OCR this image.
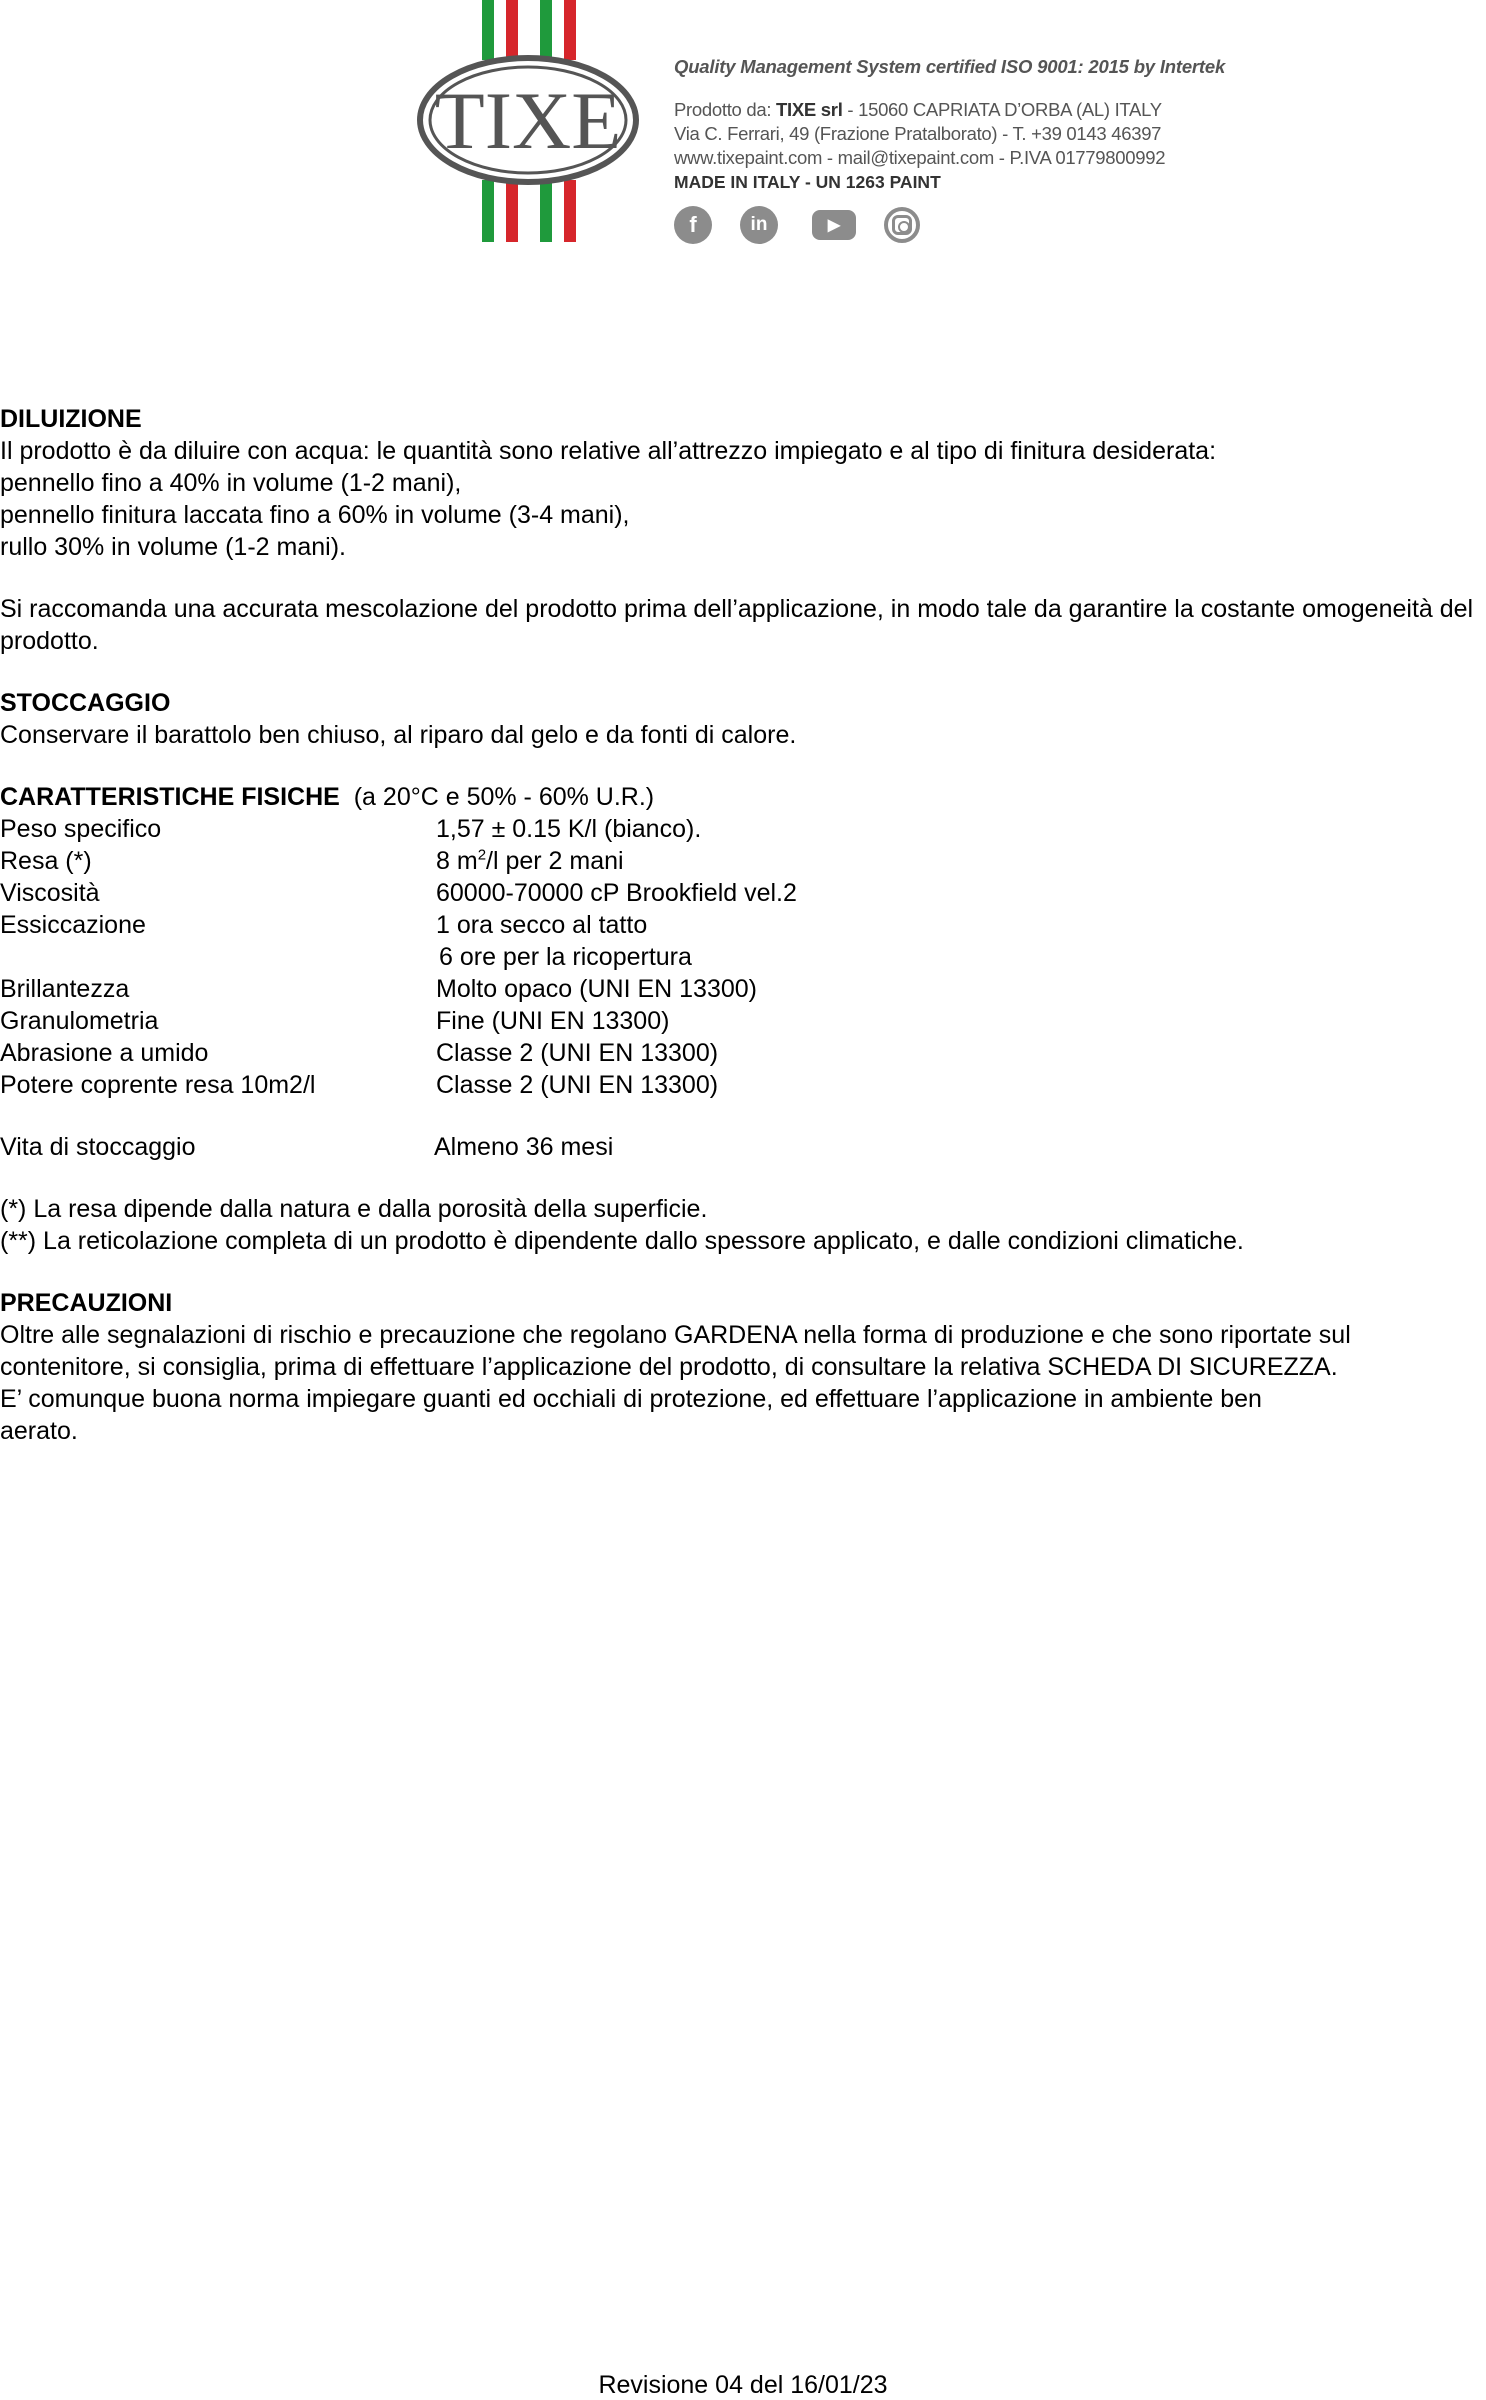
TIXE
Quality Management System certified ISO 9001: 2015 by Intertek
Prodotto da: TIXE srl - 15060 CAPRIATA D’ORBA (AL) ITALY
Via C. Ferrari, 49 (Frazione Pratalborato) - T. +39 0143 46397
www.tixepaint.com - mail@tixepaint.com - P.IVA 01779800992
MADE IN ITALY - UN 1263 PAINT
f	in	▶
DILUIZIONE
Il prodotto è da diluire con acqua: le quantità sono relative all’attrezzo impiegato e al tipo di finitura desiderata:
pennello fino a 40% in volume (1-2 mani),
pennello finitura laccata fino a 60% in volume (3-4 mani),
rullo 30% in volume (1-2 mani).
Si raccomanda una accurata mescolazione del prodotto prima dell’applicazione, in modo tale da garantire la costante omogeneità del prodotto.
STOCCAGGIO
Conservare il barattolo ben chiuso, al riparo dal gelo e da fonti di calore.
CARATTERISTICHE FISICHE (a 20°C e 50% - 60% U.R.)
Peso specifico	1,57 ± 0.15 K/l (bianco).
Resa (*)	8 $m^2/l$ per 2 mani
Viscosità	60000-70000 cP Brookfield vel.2
Essiccazione	1 ora secco al tatto
6 ore per la ricopertura
Brillantezza	Molto opaco (UNI EN 13300)
Granulometria	Fine (UNI EN 13300)
Abrasione a umido	Classe 2 (UNI EN 13300)
Potere coprente resa 10m2/l	Classe 2 (UNI EN 13300)
Vita di stoccaggio	Almeno 36 mesi
(*) La resa dipende dalla natura e dalla porosità della superficie.
(**) La reticolazione completa di un prodotto è dipendente dallo spessore applicato, e dalle condizioni climatiche.
PRECAUZIONI
Oltre alle segnalazioni di rischio e precauzione che regolano GARDENA nella forma di produzione e che sono riportate sul
contenitore, si consiglia, prima di effettuare l’applicazione del prodotto, di consultare la relativa SCHEDA DI SICUREZZA.
E’ comunque buona norma impiegare guanti ed occhiali di protezione, ed effettuare l’applicazione in ambiente ben
aerato.
Revisione 04 del 16/01/23
